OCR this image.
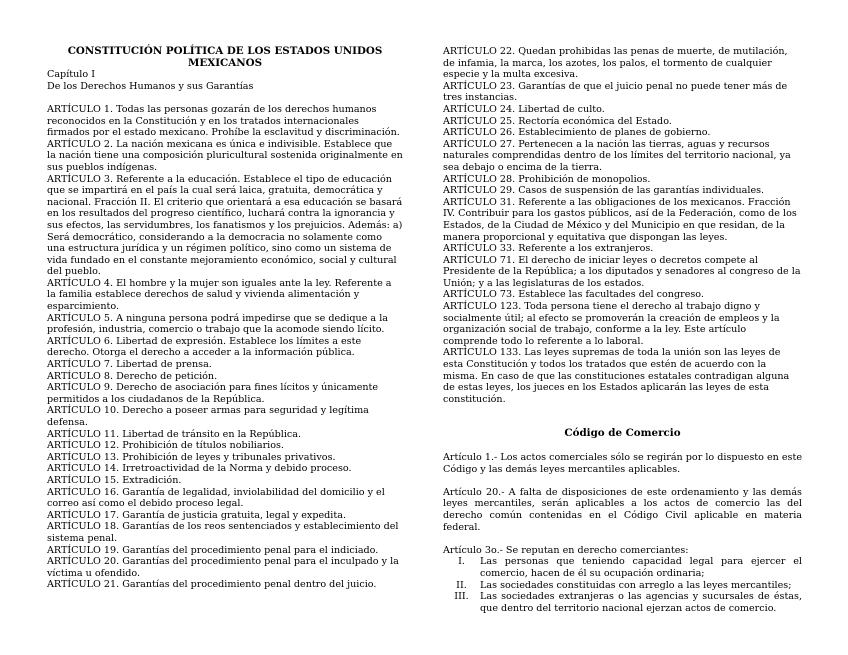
CONSTITUCIÓN POLÍTICA DE LOS ESTADOS UNIDOS MEXICANOS
Capítulo I
De los Derechos Humanos y sus Garantías

ARTÍCULO 1. Todas las personas gozarán de los derechos humanos reconocidos en la Constitución y en los tratados internacionales firmados por el estado mexicano. Prohíbe la esclavitud y discriminación.

ARTÍCULO 2. La nación mexicana es única e indivisible. Establece que la nación tiene una composición pluricultural sostenida originalmente en sus pueblos indígenas.

ARTÍCULO 3. Referente a la educación. Establece el tipo de educación que se impartirá en el país la cual será laica, gratuita, democrática y nacional. Fracción II. El criterio que orientará a esa educación se basará en los resultados del progreso científico, luchará contra la ignorancia y sus efectos, las servidumbres, los fanatismos y los prejuicios. Además: a) Será democrático, considerando a la democracia no solamente como una estructura jurídica y un régimen político, sino como un sistema de vida fundado en el constante mejoramiento económico, social y cultural del pueblo.

ARTÍCULO 4. El hombre y la mujer son iguales ante la ley. Referente a la familia establece derechos de salud y vivienda alimentación y esparcimiento.

ARTÍCULO 5. A ninguna persona podrá impedirse que se dedique a la profesión, industria, comercio o trabajo que la acomode siendo lícito.

ARTÍCULO 6. Libertad de expresión. Establece los límites a este derecho. Otorga el derecho a acceder a la información pública.

ARTÍCULO 7. Libertad de prensa.

ARTÍCULO 8. Derecho de petición.

ARTÍCULO 9. Derecho de asociación para fines lícitos y únicamente permitidos a los ciudadanos de la República.

ARTÍCULO 10. Derecho a poseer armas para seguridad y legítima defensa.

ARTÍCULO 11. Libertad de tránsito en la República.

ARTÍCULO 12. Prohibición de títulos nobiliarios.

ARTÍCULO 13. Prohibición de leyes y tribunales privativos.

ARTÍCULO 14. Irretroactividad de la Norma y debido proceso.

ARTÍCULO 15. Extradición.

ARTÍCULO 16. Garantía de legalidad, inviolabilidad del domicilio y el correo así como el debido proceso legal.

ARTÍCULO 17. Garantía de justicia gratuita, legal y expedita.

ARTÍCULO 18. Garantías de los reos sentenciados y establecimiento del sistema penal.

ARTÍCULO 19. Garantías del procedimiento penal para el indiciado.

ARTÍCULO 20. Garantías del procedimiento penal para el inculpado y la víctima u ofendido.

ARTÍCULO 21. Garantías del procedimiento penal dentro del juicio.

ARTÍCULO 22. Quedan prohibidas las penas de muerte, de mutilación, de infamia, la marca, los azotes, los palos, el tormento de cualquier especie y la multa excesiva.

ARTÍCULO 23. Garantías de que el juicio penal no puede tener más de tres instancias.

ARTÍCULO 24. Libertad de culto.

ARTÍCULO 25. Rectoría económica del Estado.

ARTÍCULO 26. Establecimiento de planes de gobierno.

ARTÍCULO 27. Pertenecen a la nación las tierras, aguas y recursos naturales comprendidas dentro de los límites del territorio nacional, ya sea debajo o encima de la tierra.

ARTÍCULO 28. Prohibición de monopolios.

ARTÍCULO 29. Casos de suspensión de las garantías individuales.

ARTÍCULO 31. Referente a las obligaciones de los mexicanos. Fracción IV. Contribuir para los gastos públicos, así de la Federación, como de los Estados, de la Ciudad de México y del Municipio en que residan, de la manera proporcional y equitativa que dispongan las leyes.

ARTÍCULO 33. Referente a los extranjeros.

ARTÍCULO 71. El derecho de iniciar leyes o decretos compete al Presidente de la República; a los diputados y senadores al congreso de la Unión; y a las legislaturas de los estados.

ARTÍCULO 73. Establece las facultades del congreso.

ARTÍCULO 123. Toda persona tiene el derecho al trabajo digno y socialmente útil; al efecto se promoverán la creación de empleos y la organización social de trabajo, conforme a la ley. Este artículo comprende todo lo referente a lo laboral.

ARTÍCULO 133. Las leyes supremas de toda la unión son las leyes de esta Constitución y todos los tratados que estén de acuerdo con la misma. En caso de que las constituciones estatales contradigan alguna de estas leyes, los jueces en los Estados aplicarán las leyes de esta constitución.

Código de Comercio

Artículo 1.- Los actos comerciales sólo se regirán por lo dispuesto en este Código y las demás leyes mercantiles aplicables.

Artículo 20.- A falta de disposiciones de este ordenamiento y las demás leyes mercantiles, serán aplicables a los actos de comercio las del derecho común contenidas en el Código Civil aplicable en materia federal.

Artículo 3o.- Se reputan en derecho comerciantes:

I.	Las personas que teniendo capacidad legal para ejercer el comercio, hacen de él su ocupación ordinaria;
II.	Las sociedades constituidas con arreglo a las leyes mercantiles;
III.	Las sociedades extranjeras o las agencias y sucursales de éstas, que dentro del territorio nacional ejerzan actos de comercio.
